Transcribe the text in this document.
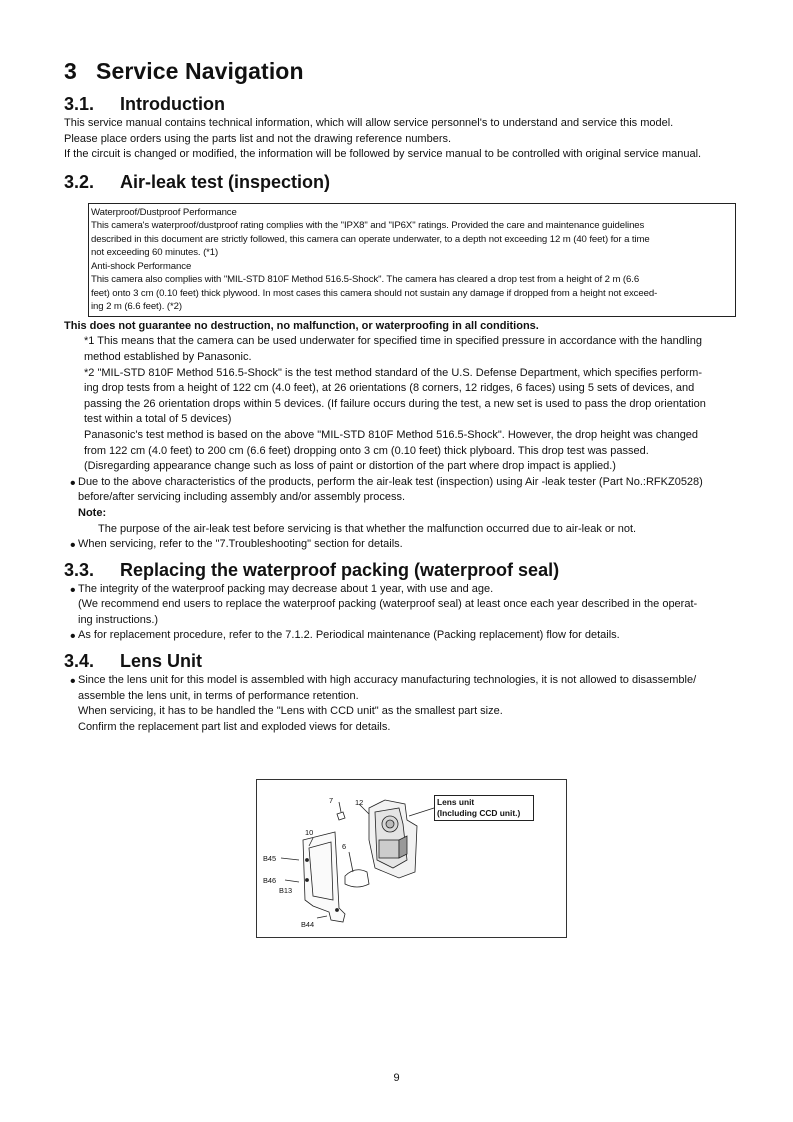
3 Service Navigation
3.1. Introduction

This service manual contains technical information, which will allow service personnel's to understand and service this model.

Please place orders using the parts list and not the drawing reference numbers.

If the circuit is changed or modified, the information will be followed by service manual to be controlled with original service manual.

3.2. Air-leak test (inspection)
Waterproof/Dustproof Performance
This camera's waterproof/dustproof rating complies with the "IPX8" and "IP6X" ratings. Provided the care and maintenance guidelines
described in this document are strictly followed, this camera can operate underwater, to a depth not exceeding 12 m (40 feet) for a time
not exceeding 60 minutes. (*1)
Anti-shock Performance
This camera also complies with "MIL-STD 810F Method 516.5-Shock". The camera has cleared a drop test from a height of 2 m (6.6
feet) onto 3 cm (0.10 feet) thick plywood. In most cases this camera should not sustain any damage if dropped from a height not exceed-
ing 2 m (6.6 feet). (*2)

This does not guarantee no destruction, no malfunction, or waterproofing in all conditions.

*1 This means that the camera can be used underwater for specified time in specified pressure in accordance with the handling

method established by Panasonic.

*2 "MIL-STD 810F Method 516.5-Shock" is the test method standard of the U.S. Defense Department, which specifies perform-

ing drop tests from a height of 122 cm (4.0 feet), at 26 orientations (8 corners, 12 ridges, 6 faces) using 5 sets of devices, and

passing the 26 orientation drops within 5 devices. (If failure occurs during the test, a new set is used to pass the drop orientation

test within a total of 5 devices)

Panasonic's test method is based on the above "MIL-STD 810F Method 516.5-Shock". However, the drop height was changed

from 122 cm (4.0 feet) to 200 cm (6.6 feet) dropping onto 3 cm (0.10 feet) thick plyboard. This drop test was passed.

(Disregarding appearance change such as loss of paint or distortion of the part where drop impact is applied.)

• Due to the above characteristics of the products, perform the air-leak test (inspection) using Air -leak tester (Part No.:RFKZ0528)

before/after servicing including assembly and/or assembly process.

Note:

The purpose of the air-leak test before servicing is that whether the malfunction occurred due to air-leak or not.

• When servicing, refer to the "7.Troubleshooting" section for details.

3.3. Replacing the waterproof packing (waterproof seal)
• The integrity of the waterproof packing may decrease about 1 year, with use and age.

(We recommend end users to replace the waterproof packing (waterproof seal) at least once each year described in the operat-

ing instructions.)

• As for replacement procedure, refer to the 7.1.2. Periodical maintenance (Packing replacement) flow for details.

3.4. Lens Unit
• Since the lens unit for this model is assembled with high accuracy manufacturing technologies, it is not allowed to disassemble/

assemble the lens unit, in terms of performance retention.

When servicing, it has to be handled the "Lens with CCD unit" as the smallest part size.

Confirm the replacement part list and exploded views for details.

7	12
10
6
B45
B46
B13
B44
Lens unit
(Including CCD unit.)
9
